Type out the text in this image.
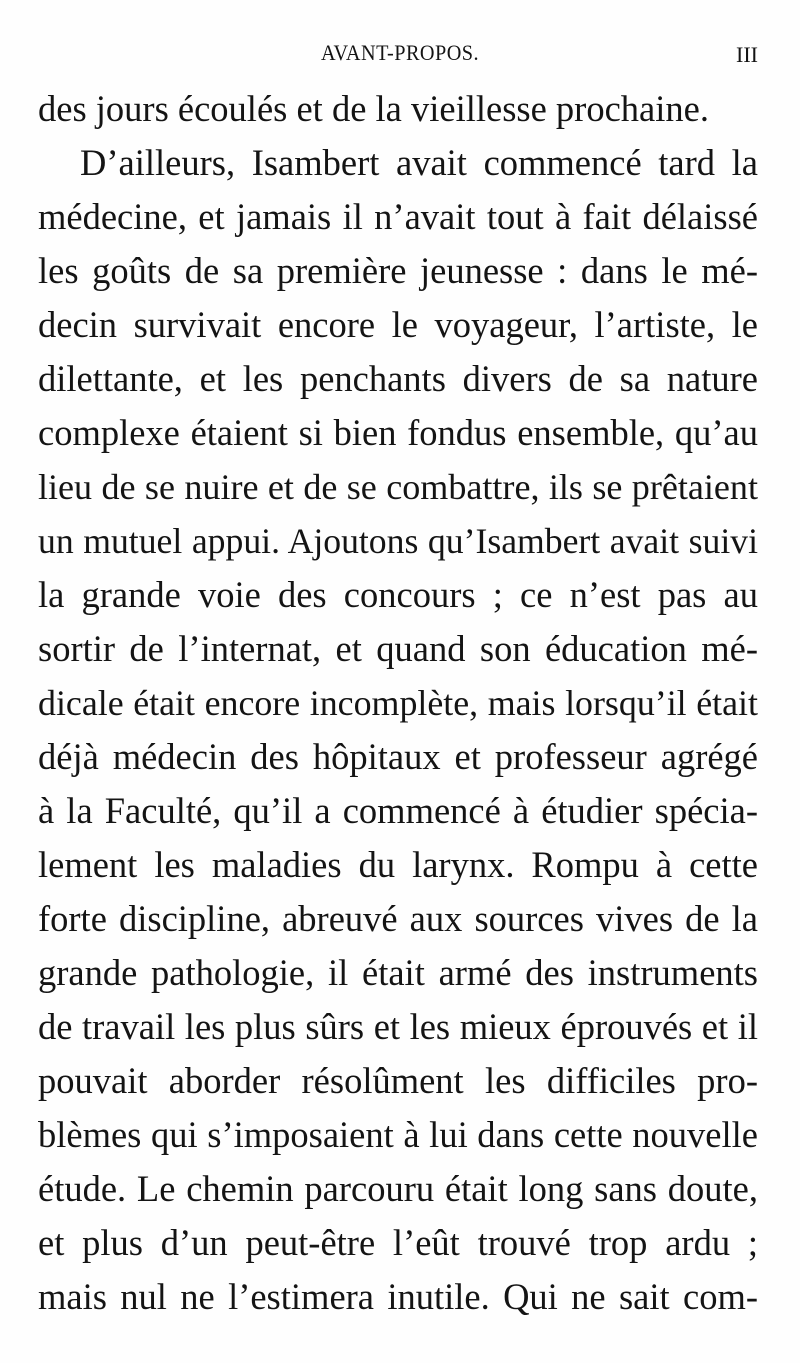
AVANT-PROPOS.	III
des jours écoulés et de la vieillesse prochaine.
D’ailleurs, Isambert avait commencé tard la
médecine, et jamais il n’avait tout à fait délaissé
les goûts de sa première jeunesse : dans le mé-
decin survivait encore le voyageur, l’artiste, le
dilettante, et les penchants divers de sa nature
complexe étaient si bien fondus ensemble, qu’au
lieu de se nuire et de se combattre, ils se prêtaient
un mutuel appui. Ajoutons qu’Isambert avait suivi
la grande voie des concours ; ce n’est pas au
sortir de l’internat, et quand son éducation mé-
dicale était encore incomplète, mais lorsqu’il était
déjà médecin des hôpitaux et professeur agrégé
à la Faculté, qu’il a commencé à étudier spécia-
lement les maladies du larynx. Rompu à cette
forte discipline, abreuvé aux sources vives de la
grande pathologie, il était armé des instruments
de travail les plus sûrs et les mieux éprouvés et il
pouvait aborder résolûment les difficiles pro-
blèmes qui s’imposaient à lui dans cette nouvelle
étude. Le chemin parcouru était long sans doute,
et plus d’un peut-être l’eût trouvé trop ardu ;
mais nul ne l’estimera inutile. Qui ne sait com-
